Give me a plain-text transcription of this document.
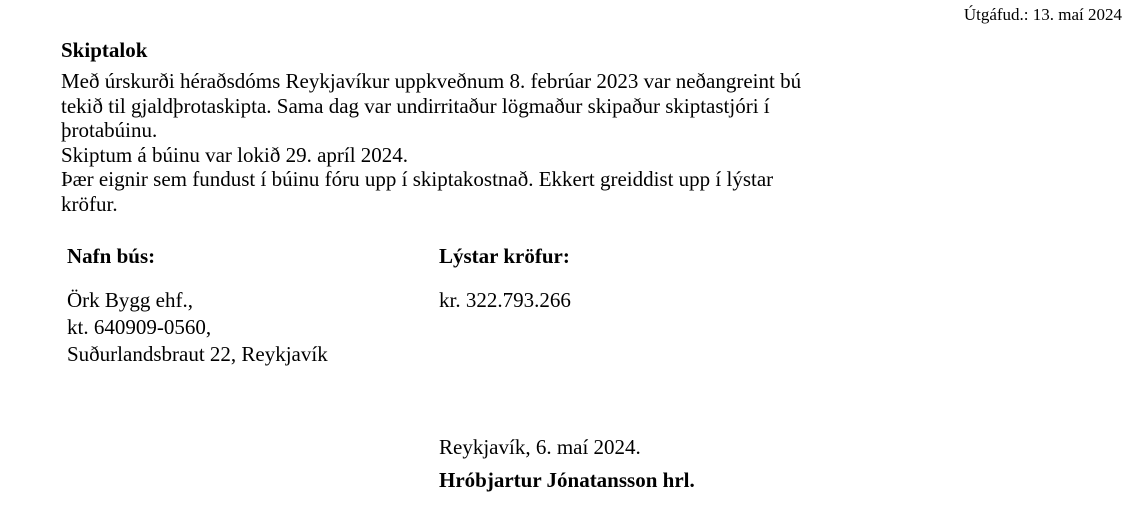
Útgáfud.: 13. maí 2024
Skiptalok

Með úrskurði héraðsdóms Reykjavíkur uppkveðnum 8. febrúar 2023 var neðangreint bú tekið til gjaldþrotaskipta. Sama dag var undirritaður lögmaður skipaður skiptastjóri í þrotabúinu.

Skiptum á búinu var lokið 29. apríl 2024.

Þær eignir sem fundust í búinu fóru upp í skiptakostnað. Ekkert greiddist upp í lýstar kröfur.

Nafn bús:	Lýstar kröfur:
Örk Bygg ehf.,
kt. 640909-0560,
Suðurlandsbraut 22, Reykjavík
kr. 322.793.266
Reykjavík, 6. maí 2024.
Hróbjartur Jónatansson hrl.
